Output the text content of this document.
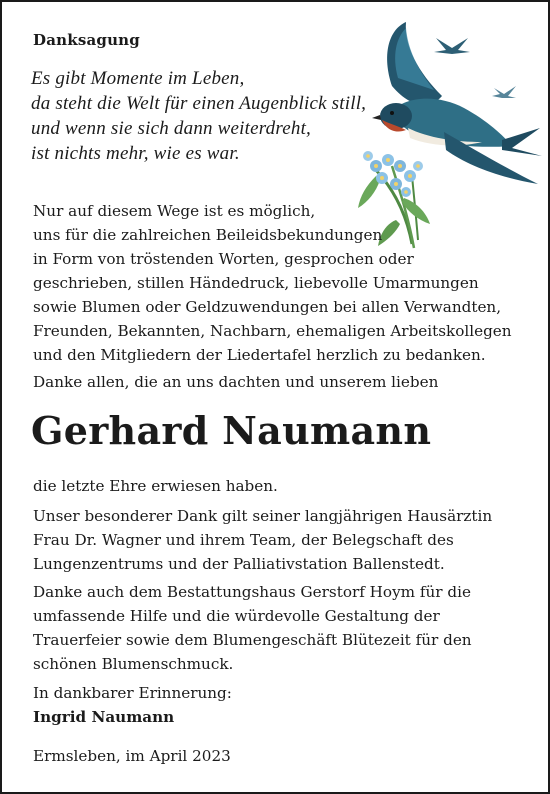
Danksagung
Es gibt Momente im Leben,
da steht die Welt für einen Augenblick still,
und wenn sie sich dann weiterdreht,
ist nichts mehr, wie es war.
Nur auf diesem Wege ist es möglich,
uns für die zahlreichen Beileidsbekundungen
in Form von tröstenden Worten, gesprochen oder
geschrieben, stillen Händedruck, liebevolle Umarmungen
sowie Blumen oder Geldzuwendungen bei allen Verwandten,
Freunden, Bekannten, Nachbarn, ehemaligen Arbeitskollegen
und den Mitgliedern der Liedertafel herzlich zu bedanken.
Danke allen, die an uns dachten und unserem lieben
Gerhard Naumann
die letzte Ehre erwiesen haben.
Unser besonderer Dank gilt seiner langjährigen Hausärztin
Frau Dr. Wagner und ihrem Team, der Belegschaft des
Lungenzentrums und der Palliativstation Ballenstedt.
Danke auch dem Bestattungshaus Gerstorf Hoym für die
umfassende Hilfe und die würdevolle Gestaltung der
Trauerfeier sowie dem Blumengeschäft Blütezeit für den
schönen Blumenschmuck.
In dankbarer Erinnerung:
Ingrid Naumann
Ermsleben, im April 2023
